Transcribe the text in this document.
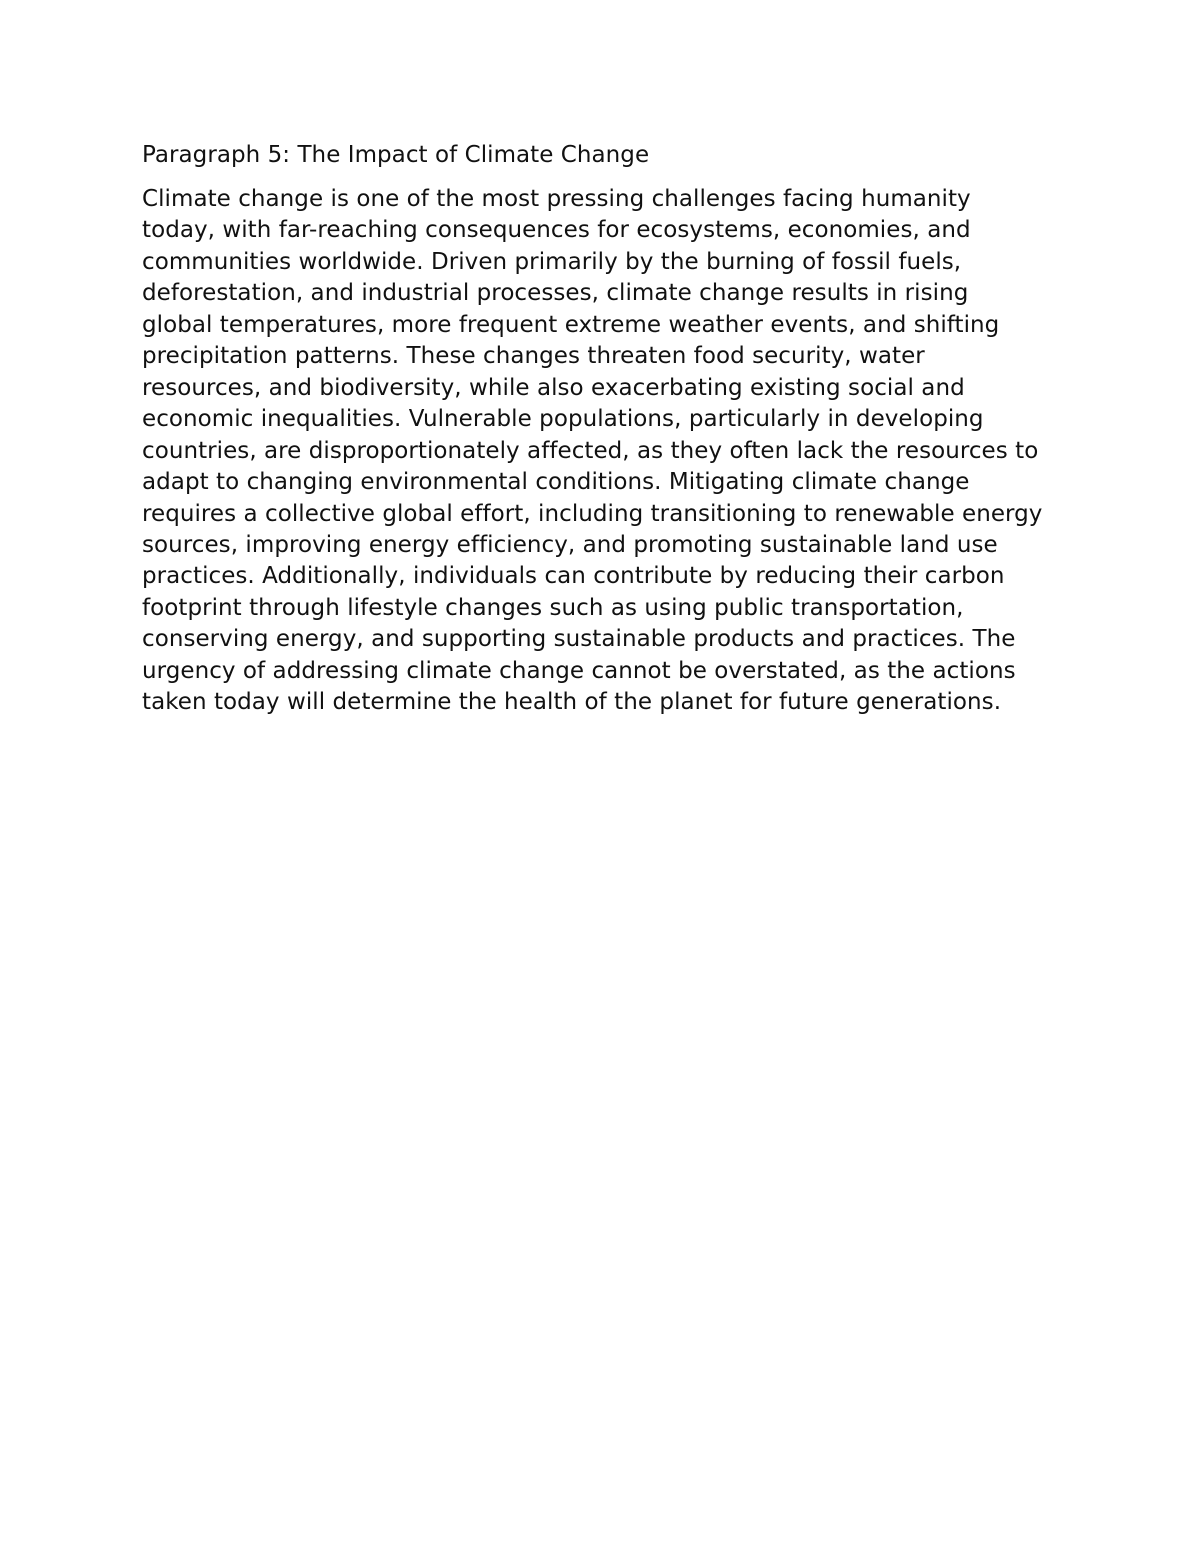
Paragraph 5: The Impact of Climate Change

Climate change is one of the most pressing challenges facing humanity
today, with far-reaching consequences for ecosystems, economies, and
communities worldwide. Driven primarily by the burning of fossil fuels,
deforestation, and industrial processes, climate change results in rising
global temperatures, more frequent extreme weather events, and shifting
precipitation patterns. These changes threaten food security, water
resources, and biodiversity, while also exacerbating existing social and
economic inequalities. Vulnerable populations, particularly in developing
countries, are disproportionately affected, as they often lack the resources to
adapt to changing environmental conditions. Mitigating climate change
requires a collective global effort, including transitioning to renewable energy
sources, improving energy efficiency, and promoting sustainable land use
practices. Additionally, individuals can contribute by reducing their carbon
footprint through lifestyle changes such as using public transportation,
conserving energy, and supporting sustainable products and practices. The
urgency of addressing climate change cannot be overstated, as the actions
taken today will determine the health of the planet for future generations.
